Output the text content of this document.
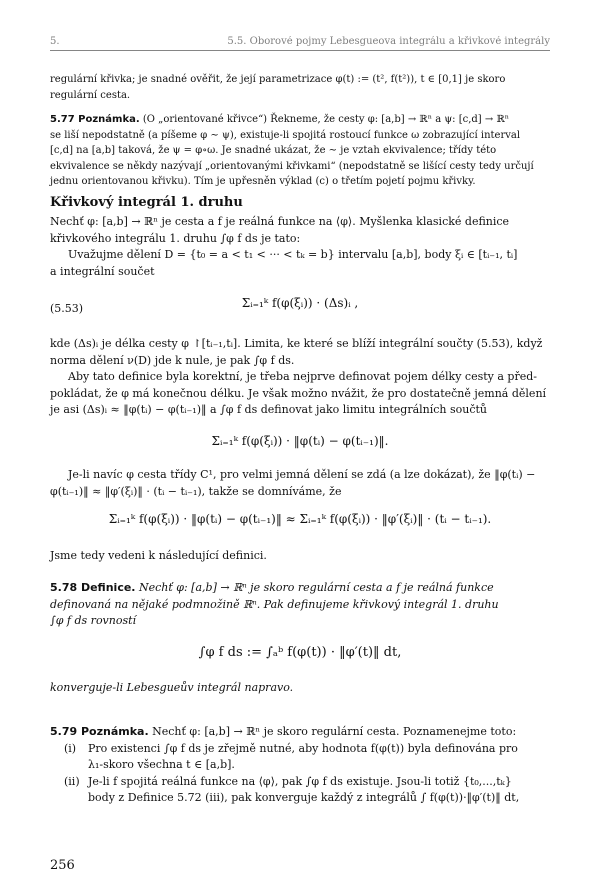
5.	5.5. Oborové pojmy Lebesgueova integrálu a křivkové integrály

regulární křivka; je snadné ověřit, že její parametrizace φ(t) := (t², f(t²)), t ∈ [0,1] je skoro

regulární cesta.

5.77 Poznámka. (O „orientované křivce“) Řekneme, že cesty φ: [a,b] → ℝⁿ a ψ: [c,d] → ℝⁿ

se liší nepodstatně (a píšeme φ ∼ ψ), existuje-li spojitá rostoucí funkce ω zobrazující interval

[c,d] na [a,b] taková, že ψ = φ∘ω. Je snadné ukázat, že ∼ je vztah ekvivalence; třídy této

ekvivalence se někdy nazývají „orientovanými křivkami“ (nepodstatně se lišící cesty tedy určují

jednu orientovanou křivku). Tím je upřesněn výklad (c) o třetím pojetí pojmu křivky.

Křivkový integrál 1. druhu

Nechť φ: [a,b] → ℝⁿ je cesta a f je reálná funkce na ⟨φ⟩. Myšlenka klasické definice

křivkového integrálu 1. druhu ∫φ f ds je tato:

Uvažujme dělení D = {t₀ = a < t₁ < ··· < tₖ = b} intervalu [a,b], body ξᵢ ∈ [tᵢ₋₁, tᵢ]

a integrální součet

(5.53)	Σᵢ₌₁ᵏ f(φ(ξᵢ)) · (Δs)ᵢ ,

kde (Δs)ᵢ je délka cesty φ ↾[tᵢ₋₁,tᵢ]. Limita, ke které se blíží integrální součty (5.53), když

norma dělení ν(D) jde k nule, je pak ∫φ f ds.

Aby tato definice byla korektní, je třeba nejprve definovat pojem délky cesty a před-

pokládat, že φ má konečnou délku. Je však možno nvážit, že pro dostatečně jemná dělení

je asi (Δs)ᵢ ≈ ‖φ(tᵢ) − φ(tᵢ₋₁)‖ a ∫φ f ds definovat jako limitu integrálních součtů

Σᵢ₌₁ᵏ f(φ(ξᵢ)) · ‖φ(tᵢ) − φ(tᵢ₋₁)‖.

Je-li navíc φ cesta třídy C¹, pro velmi jemná dělení se zdá (a lze dokázat), že ‖φ(tᵢ) −

φ(tᵢ₋₁)‖ ≈ ‖φ′(ξᵢ)‖ · (tᵢ − tᵢ₋₁), takže se domníváme, že

Σᵢ₌₁ᵏ f(φ(ξᵢ)) · ‖φ(tᵢ) − φ(tᵢ₋₁)‖ ≈ Σᵢ₌₁ᵏ f(φ(ξᵢ)) · ‖φ′(ξᵢ)‖ · (tᵢ − tᵢ₋₁).

Jsme tedy vedeni k následující definici.

5.78 Definice. Nechť φ: [a,b] → ℝⁿ je skoro regulární cesta a f je reálná funkce

definovaná na nějaké podmnožině ℝⁿ. Pak definujeme křivkový integrál 1. druhu

∫φ f ds rovností

∫φ f ds := ∫ₐᵇ f(φ(t)) · ‖φ′(t)‖ dt,

konverguje-li Lebesgueův integrál napravo.

5.79 Poznámka. Nechť φ: [a,b] → ℝⁿ je skoro regulární cesta. Poznamenejme toto:

(i) Pro existenci ∫φ f ds je zřejmě nutné, aby hodnota f(φ(t)) byla definována pro

λ₁-skoro všechna t ∈ [a,b].

(ii) Je-li f spojitá reálná funkce na ⟨φ⟩, pak ∫φ f ds existuje. Jsou-li totiž {t₀,...,tₖ}

body z Definice 5.72 (iii), pak konverguje každý z integrálů ∫ f(φ(t))·‖φ′(t)‖ dt,

256
